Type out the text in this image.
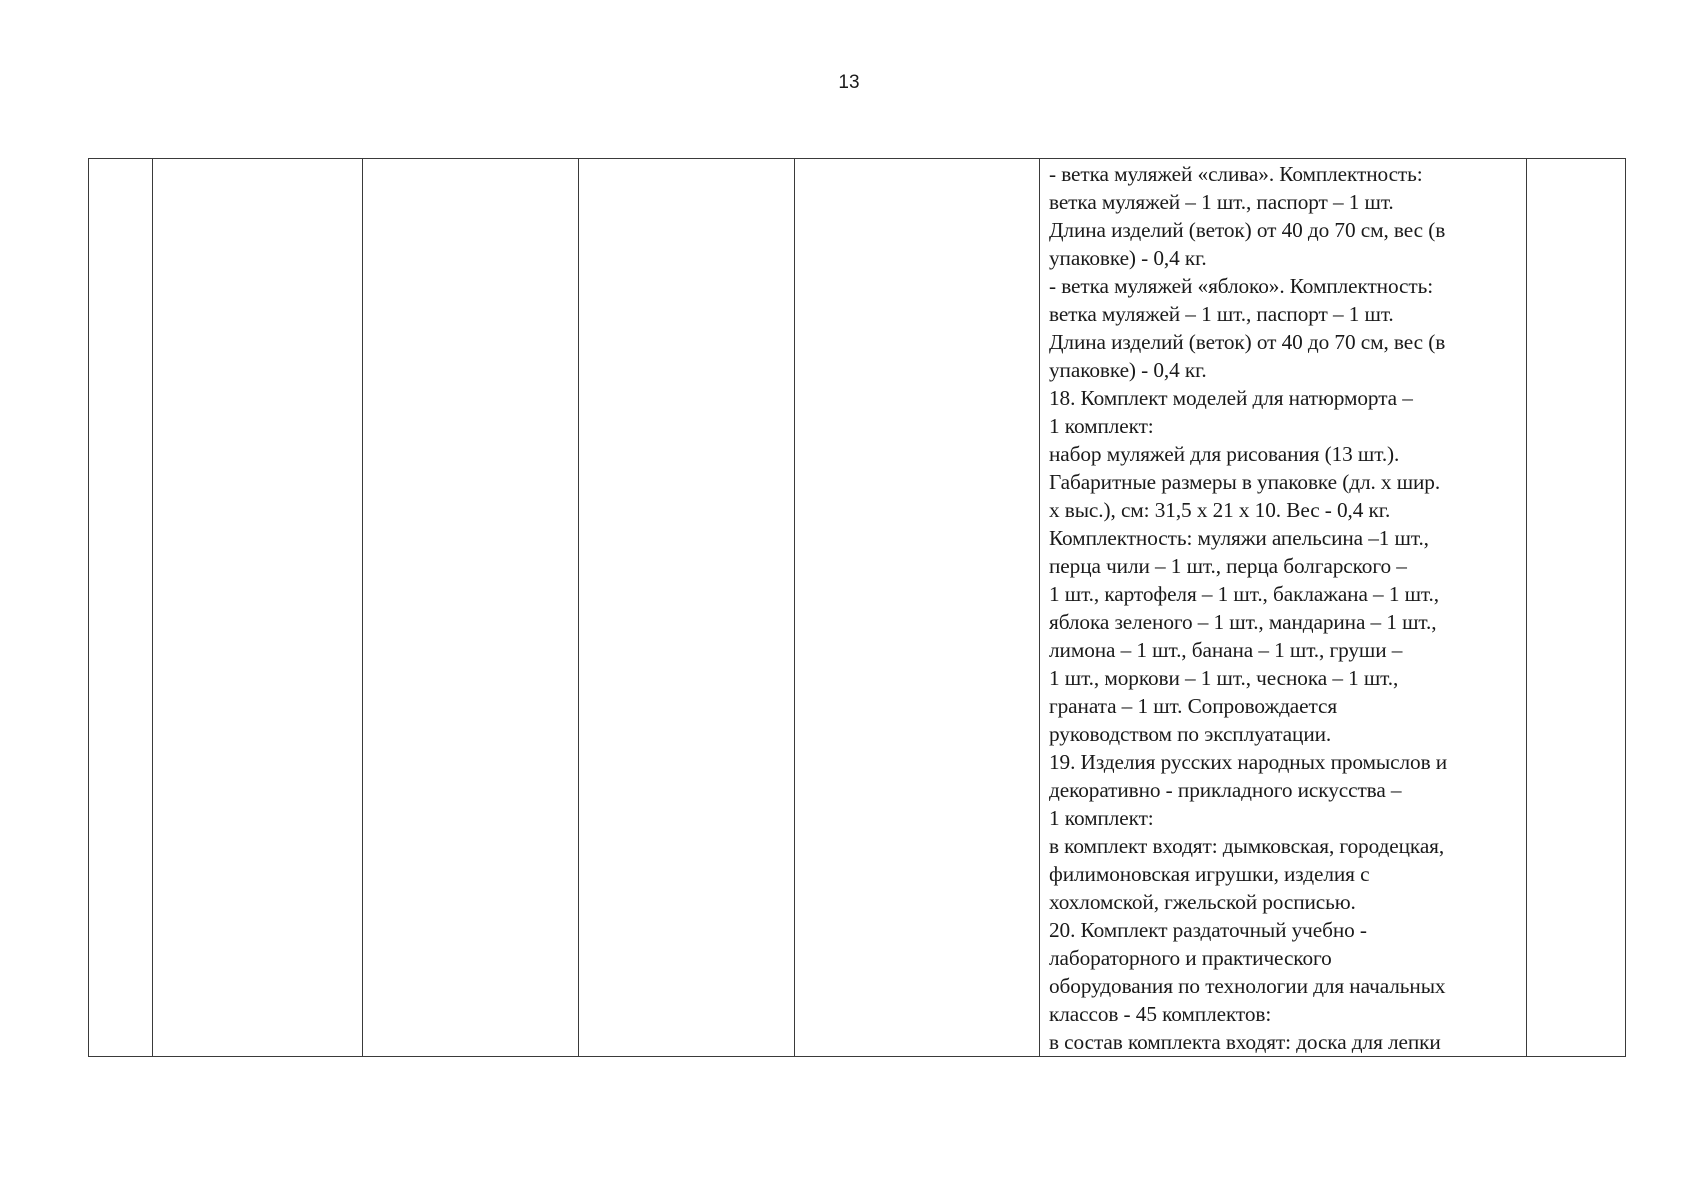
13

- ветка муляжей «слива». Комплектность:
ветка муляжей – 1 шт., паспорт – 1 шт.
Длина изделий (веток) от 40 до 70 см, вес (в
упаковке) - 0,4 кг.
- ветка муляжей «яблоко». Комплектность:
ветка муляжей – 1 шт., паспорт – 1 шт.
Длина изделий (веток) от 40 до 70 см, вес (в
упаковке) - 0,4 кг.
18. Комплект моделей для натюрморта –
1 комплект:
набор муляжей для рисования (13 шт.).
Габаритные размеры в упаковке (дл. х шир.
х выс.), см: 31,5 х 21 х 10. Вес - 0,4 кг.
Комплектность: муляжи апельсина –1 шт.,
перца чили – 1 шт., перца болгарского –
1 шт., картофеля – 1 шт., баклажана – 1 шт.,
яблока зеленого – 1 шт., мандарина – 1 шт.,
лимона – 1 шт., банана – 1 шт., груши –
1 шт., моркови – 1 шт., чеснока – 1 шт.,
граната – 1 шт. Сопровождается
руководством по эксплуатации.
19. Изделия русских народных промыслов и
декоративно - прикладного искусства –
1 комплект:
в комплект входят: дымковская, городецкая,
филимоновская игрушки, изделия с
хохломской, гжельской росписью.
20. Комплект раздаточный учебно -
лабораторного и практического
оборудования по технологии для начальных
классов - 45 комплектов:
в состав комплекта входят: доска для лепки
